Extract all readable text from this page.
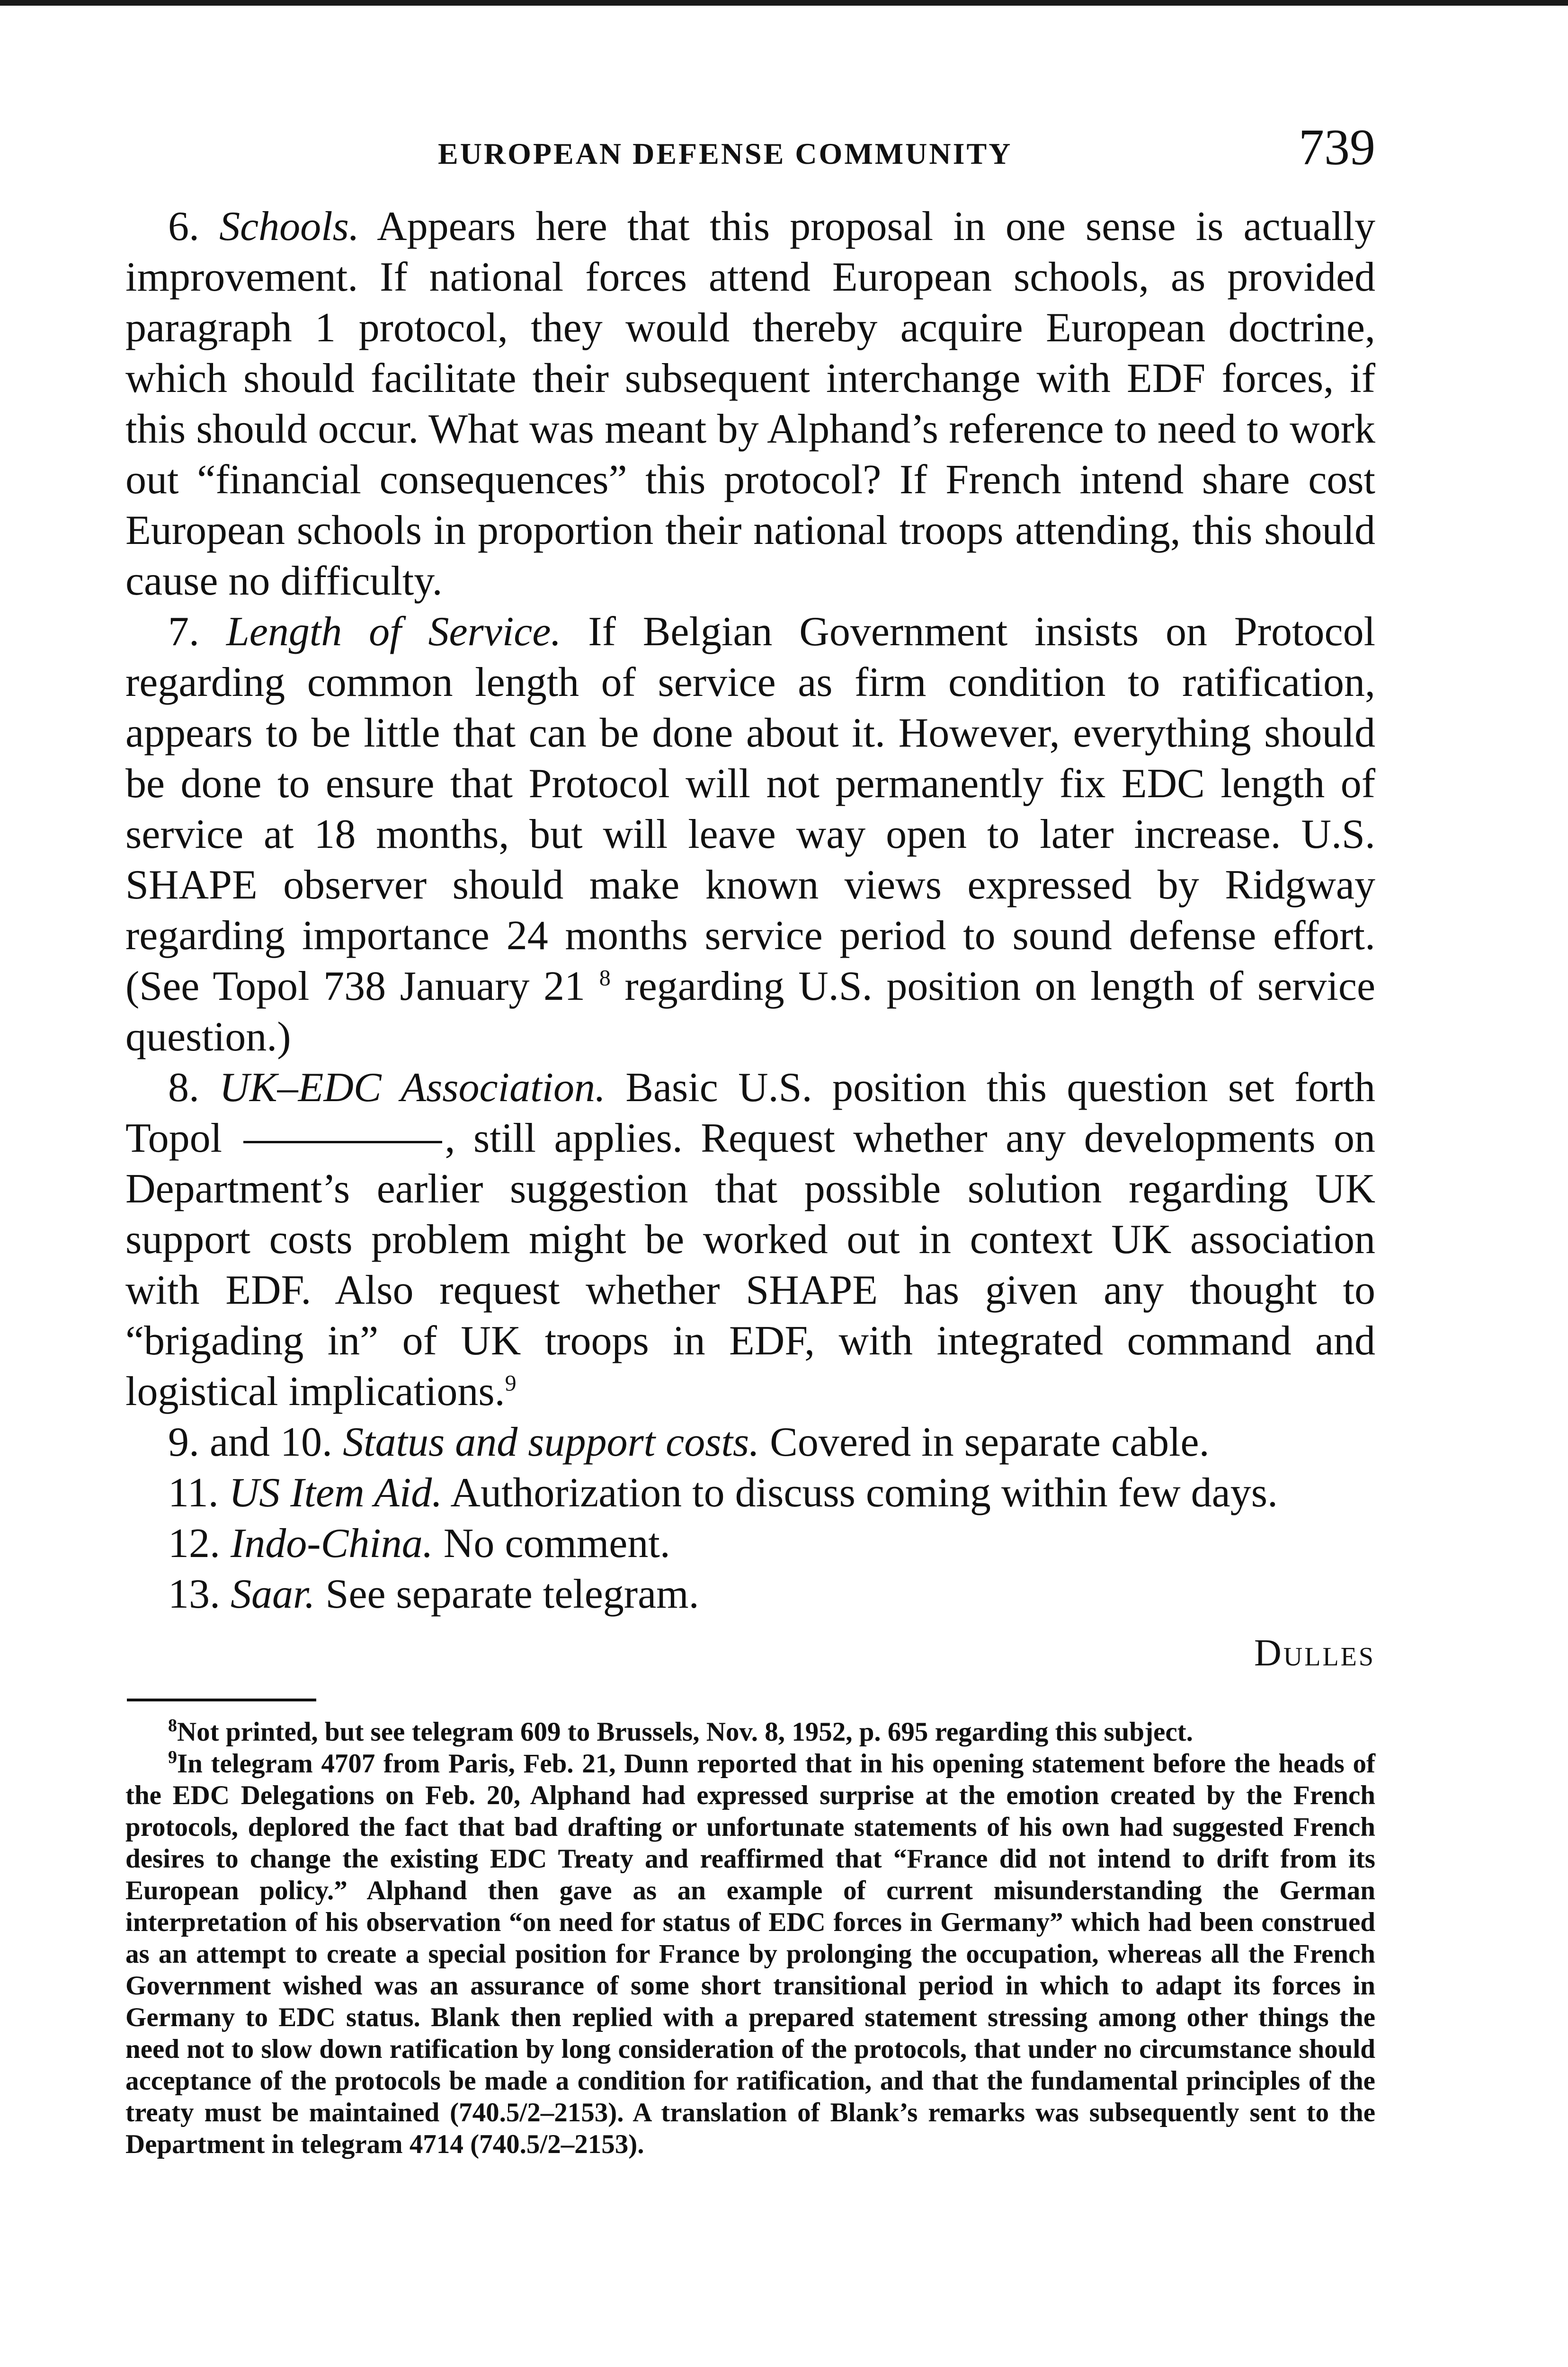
EUROPEAN DEFENSE COMMUNITY	739

6. Schools. Appears here that this proposal in one sense is actually improvement. If national forces attend European schools, as provided paragraph 1 protocol, they would thereby acquire European doctrine, which should facilitate their subsequent interchange with EDF forces, if this should occur. What was meant by Alphand’s reference to need to work out “financial consequences” this protocol? If French intend share cost European schools in proportion their national troops attending, this should cause no difficulty.

7. Length of Service. If Belgian Government insists on Protocol regarding common length of service as firm condition to ratification, appears to be little that can be done about it. However, everything should be done to ensure that Protocol will not permanently fix EDC length of service at 18 months, but will leave way open to later increase. U.S. SHAPE observer should make known views expressed by Ridgway regarding importance 24 months service period to sound defense effort. (See Topol 738 January 21 $^8$ regarding U.S. position on length of service question.)

8. UK–EDC Association. Basic U.S. position this question set forth Topol	, still applies. Request whether any developments on Department’s earlier suggestion that possible solution regarding UK support costs problem might be worked out in context UK association with EDF. Also request whether SHAPE has given any thought to “brigading in” of UK troops in EDF, with integrated command and logistical implications.$^9$

9. and 10. Status and support costs. Covered in separate cable.

11. US Item Aid. Authorization to discuss coming within few days.

12. Indo-China. No comment.

13. Saar. See separate telegram.

Dulles

$^8$Not printed, but see telegram 609 to Brussels, Nov. 8, 1952, p. 695 regarding this subject.

$^9$In telegram 4707 from Paris, Feb. 21, Dunn reported that in his opening statement before the heads of the EDC Delegations on Feb. 20, Alphand had expressed surprise at the emotion created by the French protocols, deplored the fact that bad drafting or unfortunate statements of his own had suggested French desires to change the existing EDC Treaty and reaffirmed that “France did not intend to drift from its European policy.” Alphand then gave as an example of current misunderstanding the German interpretation of his observation “on need for status of EDC forces in Germany” which had been construed as an attempt to create a special position for France by prolonging the occupation, whereas all the French Government wished was an assurance of some short transitional period in which to adapt its forces in Germany to EDC status. Blank then replied with a prepared statement stressing among other things the need not to slow down ratification by long consideration of the protocols, that under no circumstance should acceptance of the protocols be made a condition for ratification, and that the fundamental principles of the treaty must be maintained (740.5/2–2153). A translation of Blank’s remarks was subsequently sent to the Department in telegram 4714 (740.5/2–2153).
